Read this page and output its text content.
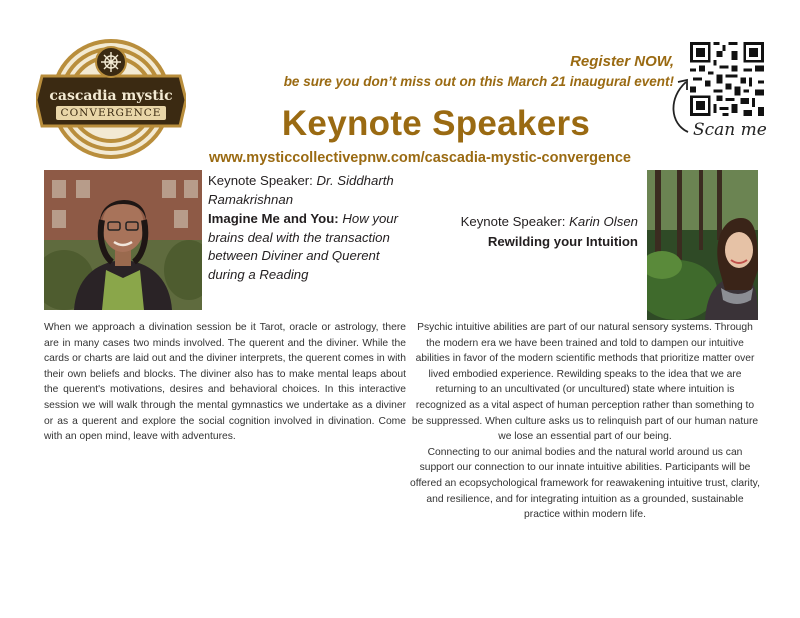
cascadia mystic
CONVERGENCE
Register NOW,
be sure you don’t miss out on this March 21 inaugural event!
Scan me
Keynote Speakers
www.mysticcollectivepnw.com/cascadia-mystic-convergence
Keynote Speaker: Dr. Siddharth Ramakrishnan
Imagine Me and You: How your brains deal with the transaction between Diviner and Querent during a Reading
When we approach a divination session be it Tarot, oracle or astrology, there are in many cases two minds involved. The querent and the diviner. While the cards or charts are laid out and the diviner interprets, the querent comes in with their own beliefs and blocks. The diviner also has to make mental leaps about the querent's motivations, desires and behavioral choices. In this interactive session we will walk through the mental gymnastics we undertake as a diviner or as a querent and explore the social cognition involved in divination. Come with an open mind, leave with adventures.
Keynote Speaker: Karin Olsen
Rewilding your Intuition

Psychic intuitive abilities are part of our natural sensory systems. Through the modern era we have been trained and told to dampen our intuitive abilities in favor of the modern scientific methods that prioritize matter over lived embodied experience. Rewilding speaks to the idea that we are returning to an uncultivated (or uncultured) state where intuition is recognized as a vital aspect of human perception rather than something to be suppressed. When culture asks us to relinquish part of our human nature we lose an essential part of our being.

Connecting to our animal bodies and the natural world around us can support our connection to our innate intuitive abilities. Participants will be offered an ecopsychological framework for reawakening intuitive trust, clarity, and resilience, and for integrating intuition as a grounded, sustainable practice within modern life.
